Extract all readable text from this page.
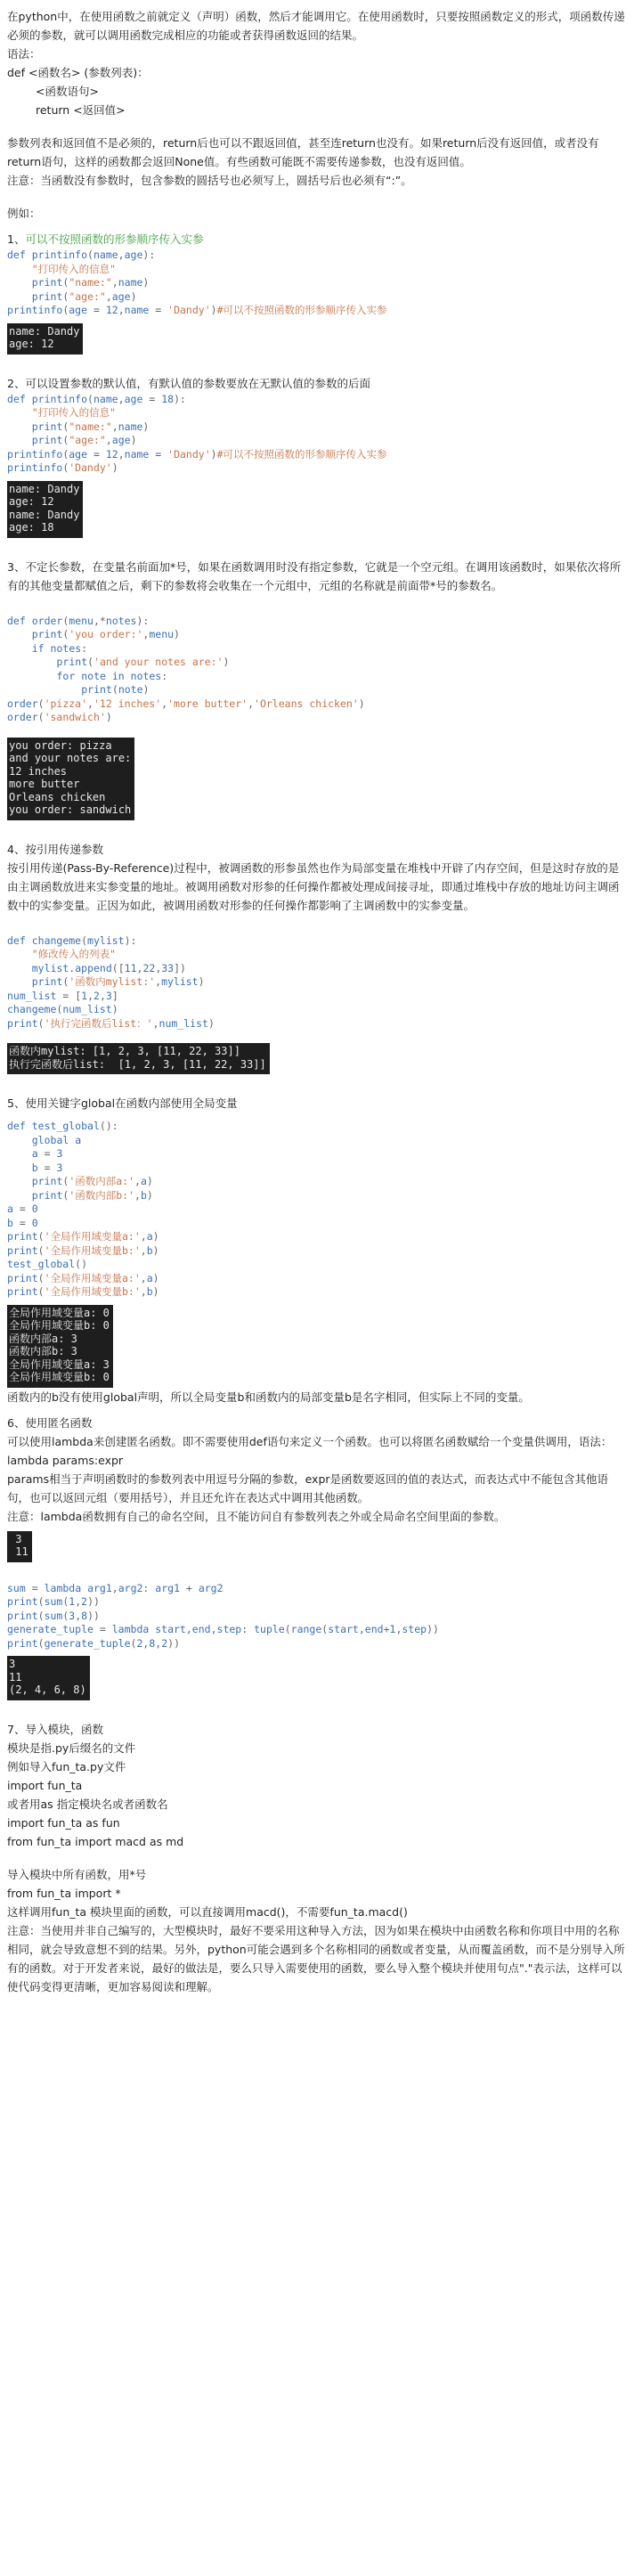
在python中，在使用函数之前就定义（声明）函数，然后才能调用它。在使用函数时，只要按照函数定义的形式，项函数传递必须的参数，就可以调用函数完成相应的功能或者获得函数返回的结果。

语法：

def <函数名> (参数列表)：

<函数语句>

return <返回值>

参数列表和返回值不是必须的，return后也可以不跟返回值，甚至连return也没有。如果return后没有返回值，或者没有return语句，这样的函数都会返回None值。有些函数可能既不需要传递参数，也没有返回值。

注意：当函数没有参数时，包含参数的圆括号也必须写上，圆括号后也必须有“:”。

例如：

1、可以不按照函数的形参顺序传入实参

def printinfo(name,age):
"打印传入的信息"
print("name:",name)
print("age:",age)
printinfo(age = 12,name = 'Dandy')#可以不按照函数的形参顺序传入实参
name: Dandy
age: 12

2、可以设置参数的默认值，有默认值的参数要放在无默认值的参数的后面

def printinfo(name,age = 18):
"打印传入的信息"
print("name:",name)
print("age:",age)
printinfo(age = 12,name = 'Dandy')#可以不按照函数的形参顺序传入实参
printinfo('Dandy')
name: Dandy
age: 12
name: Dandy
age: 18

3、不定长参数，在变量名前面加*号，如果在函数调用时没有指定参数，它就是一个空元组。在调用该函数时，如果依次将所有的其他变量都赋值之后，剩下的参数将会收集在一个元组中，元组的名称就是前面带*号的参数名。

def order(menu,*notes):
print('you order:',menu)
if notes:
print('and your notes are:')
for note in notes:
print(note)
order('pizza','12 inches','more butter','Orleans chicken')
order('sandwich')
you order: pizza
and your notes are:
12 inches
more butter
Orleans chicken
you order: sandwich

4、按引用传递参数

按引用传递(Pass-By-Reference)过程中，被调函数的形参虽然也作为局部变量在堆栈中开辟了内存空间，但是这时存放的是由主调函数放进来实参变量的地址。被调用函数对形参的任何操作都被处理成间接寻址，即通过堆栈中存放的地址访问主调函数中的实参变量。正因为如此，被调用函数对形参的任何操作都影响了主调函数中的实参变量。

def changeme(mylist):
"修改传入的列表"
mylist.append([11,22,33])
print('函数内mylist:',mylist)
num_list = [1,2,3]
changeme(num_list)
print('执行完函数后list：',num_list)
函数内mylist: [1, 2, 3, [11, 22, 33]]
执行完函数后list:  [1, 2, 3, [11, 22, 33]]

5、使用关键字global在函数内部使用全局变量

def test_global():
global a
a = 3
b = 3
print('函数内部a:',a)
print('函数内部b:',b)
a = 0
b = 0
print('全局作用域变量a:',a)
print('全局作用域变量b:',b)
test_global()
print('全局作用域变量a:',a)
print('全局作用域变量b:',b)
全局作用域变量a: 0
全局作用域变量b: 0
函数内部a: 3
函数内部b: 3
全局作用域变量a: 3
全局作用域变量b: 0

函数内的b没有使用global声明，所以全局变量b和函数内的局部变量b是名字相同，但实际上不同的变量。

6、使用匿名函数

可以使用lambda来创建匿名函数。即不需要使用def语句来定义一个函数。也可以将匿名函数赋给一个变量供调用，语法：

lambda params:expr

params相当于声明函数时的参数列表中用逗号分隔的参数，expr是函数要返回的值的表达式，而表达式中不能包含其他语句，也可以返回元组（要用括号），并且还允许在表达式中调用其他函数。

注意：lambda函数拥有自己的命名空间，且不能访问自有参数列表之外或全局命名空间里面的参数。

3
11
sum = lambda arg1,arg2: arg1 + arg2
print(sum(1,2))
print(sum(3,8))
generate_tuple = lambda start,end,step: tuple(range(start,end+1,step))
print(generate_tuple(2,8,2))
3
11
(2, 4, 6, 8)

7、导入模块，函数

模块是指.py后缀名的文件

例如导入fun_ta.py文件

import fun_ta

或者用as 指定模块名或者函数名

import fun_ta as fun

from fun_ta import macd as md

导入模块中所有函数，用*号

from fun_ta import *

这样调用fun_ta 模块里面的函数，可以直接调用macd()，不需要fun_ta.macd()

注意：当使用并非自己编写的，大型模块时，最好不要采用这种导入方法，因为如果在模块中由函数名称和你项目中用的名称相同，就会导致意想不到的结果。另外，python可能会遇到多个名称相同的函数或者变量，从而覆盖函数，而不是分别导入所有的函数。对于开发者来说，最好的做法是，要么只导入需要使用的函数，要么导入整个模块并使用句点"."表示法，这样可以使代码变得更清晰，更加容易阅读和理解。
